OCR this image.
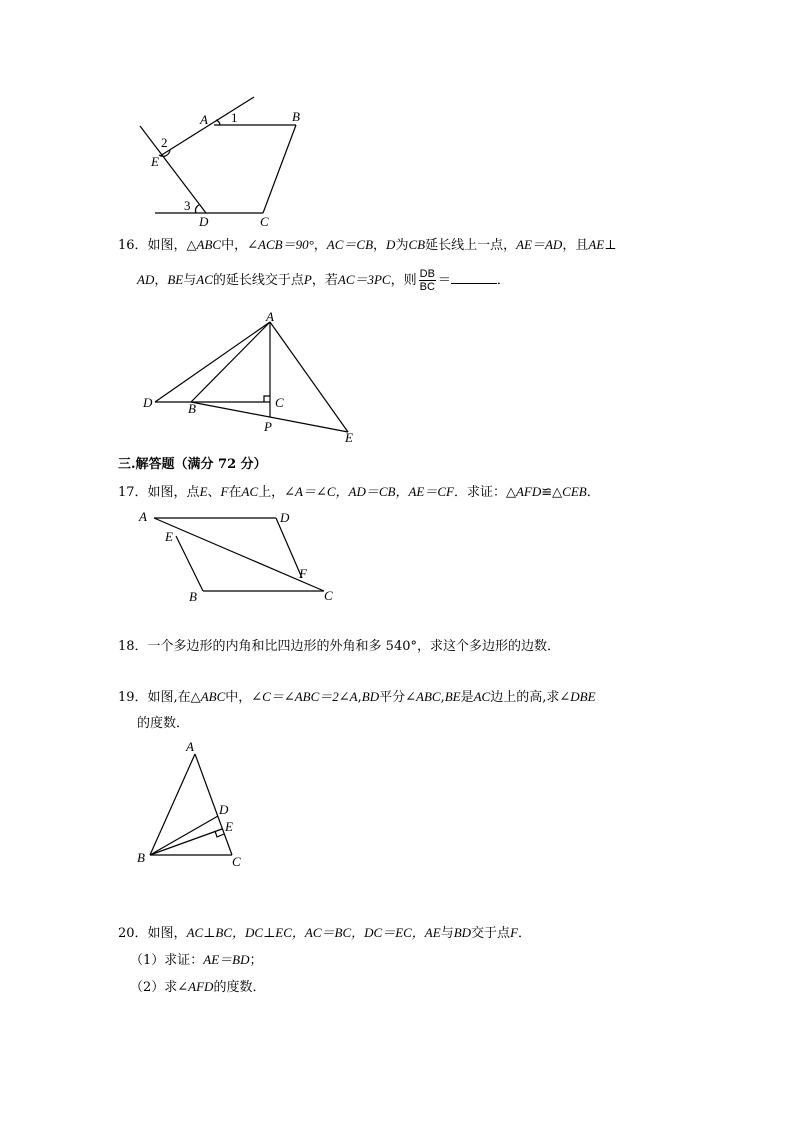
A	B
C
D
E
1
2
3
16．如图，△ABC中，∠ACB＝90°，AC＝CB，D为CB延长线上一点，AE＝AD，且AE⊥
AD，BE与AC的延长线交于点P，若AC＝3PC，则 $\frac{DB}{BC}$ ＝	．
A
B	C
D
E
P
三.解答题（满分 72 分）
17．如图，点E、F在AC上，∠A＝∠C，AD＝CB，AE＝CF．求证：△AFD≌△CEB．
A	D
E
F
B	C
18．一个多边形的内角和比四边形的外角和多 540°，求这个多边形的边数．
19．如图,在△ABC中，∠C＝∠ABC＝2∠A,BD平分∠ABC,BE是AC边上的高,求∠DBE
的度数．
A
D
E
B	C
20．如图，AC⊥BC，DC⊥EC，AC＝BC，DC＝EC，AE与BD交于点F．
（1）求证：AE＝BD；
（2）求∠AFD的度数．
